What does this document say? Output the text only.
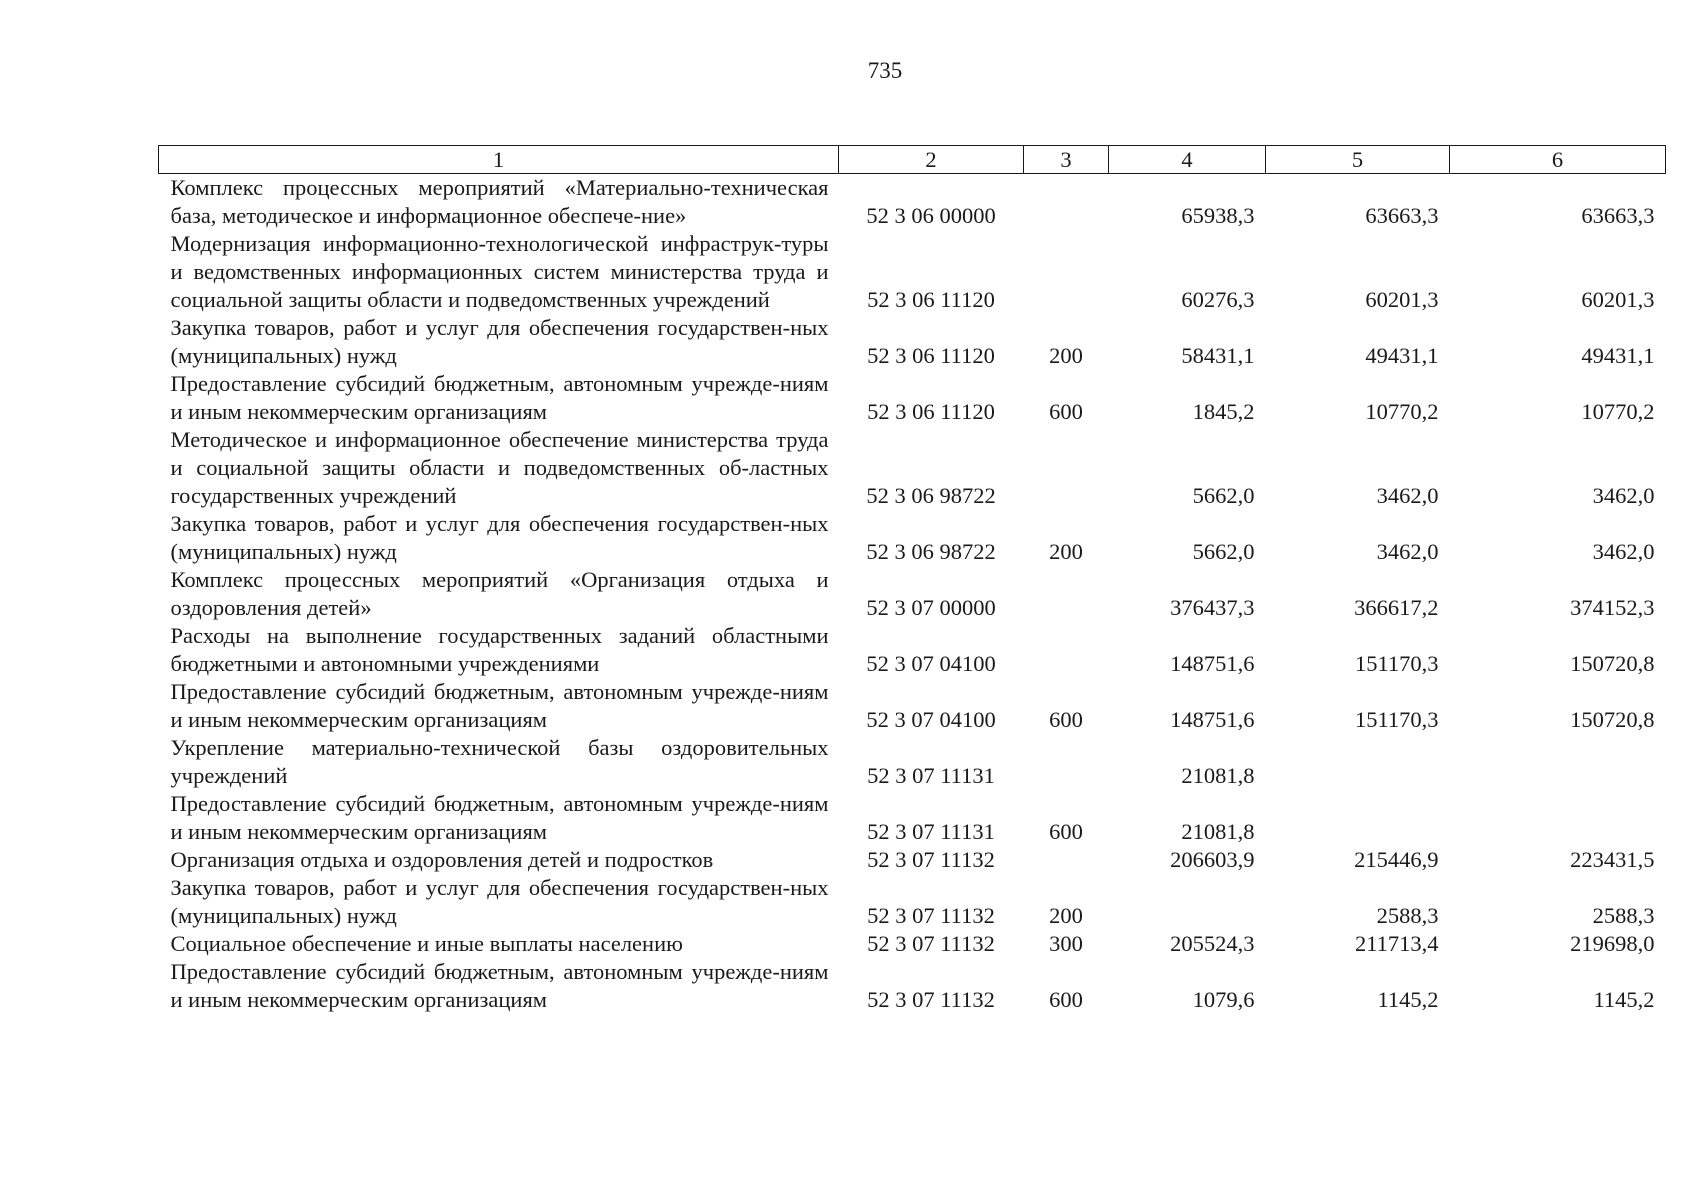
735
1	2	3	4	5	6
Комплекс процессных мероприятий «Материально-техническая база, методическое и информационное обеспече-ние»	52 3 06 00000		65938,3	63663,3	63663,3
Модернизация информационно-технологической инфраструк-туры и ведомственных информационных систем министерства труда и социальной защиты области и подведомственных учреждений	52 3 06 11120		60276,3	60201,3	60201,3
Закупка товаров, работ и услуг для обеспечения государствен-ных (муниципальных) нужд	52 3 06 11120	200	58431,1	49431,1	49431,1
Предоставление субсидий бюджетным, автономным учрежде-ниям и иным некоммерческим организациям	52 3 06 11120	600	1845,2	10770,2	10770,2
Методическое и информационное обеспечение министерства труда и социальной защиты области и подведомственных об-ластных государственных учреждений	52 3 06 98722		5662,0	3462,0	3462,0
Закупка товаров, работ и услуг для обеспечения государствен-ных (муниципальных) нужд	52 3 06 98722	200	5662,0	3462,0	3462,0
Комплекс процессных мероприятий «Организация отдыха и оздоровления детей»	52 3 07 00000		376437,3	366617,2	374152,3
Расходы на выполнение государственных заданий областными бюджетными и автономными учреждениями	52 3 07 04100		148751,6	151170,3	150720,8
Предоставление субсидий бюджетным, автономным учрежде-ниям и иным некоммерческим организациям	52 3 07 04100	600	148751,6	151170,3	150720,8
Укрепление материально-технической базы оздоровительных учреждений	52 3 07 11131		21081,8		
Предоставление субсидий бюджетным, автономным учрежде-ниям и иным некоммерческим организациям	52 3 07 11131	600	21081,8		
Организация отдыха и оздоровления детей и подростков	52 3 07 11132		206603,9	215446,9	223431,5
Закупка товаров, работ и услуг для обеспечения государствен-ных (муниципальных) нужд	52 3 07 11132	200		2588,3	2588,3
Социальное обеспечение и иные выплаты населению	52 3 07 11132	300	205524,3	211713,4	219698,0
Предоставление субсидий бюджетным, автономным учрежде-ниям и иным некоммерческим организациям	52 3 07 11132	600	1079,6	1145,2	1145,2
